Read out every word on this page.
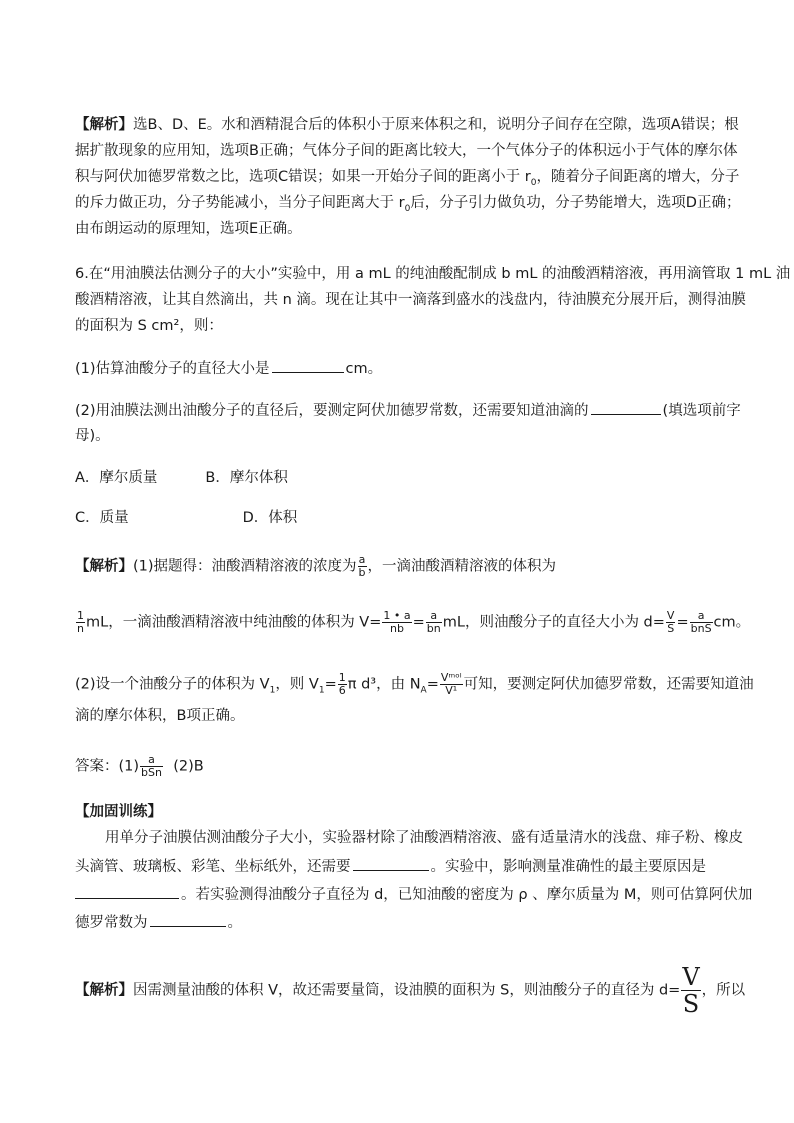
【解析】选B、D、E。水和酒精混合后的体积小于原来体积之和，说明分子间存在空隙，选项A错误；根
据扩散现象的应用知，选项B正确；气体分子间的距离比较大，一个气体分子的体积远小于气体的摩尔体
积与阿伏加德罗常数之比，选项C错误；如果一开始分子间的距离小于 $r_0$，随着分子间距离的增大，分子
的斥力做正功，分子势能减小，当分子间距离大于 $r_0$后，分子引力做负功，分子势能增大，选项D正确；
由布朗运动的原理知，选项E正确。
6.在“用油膜法估测分子的大小”实验中，用 a mL 的纯油酸配制成 b mL 的油酸酒精溶液，再用滴管取 1 mL 油
酸酒精溶液，让其自然滴出，共 n 滴。现在让其中一滴落到盛水的浅盘内，待油膜充分展开后，测得油膜
的面积为 S cm²，则：
(1)估算油酸分子的直径大小是	cm。
(2)用油膜法测出油酸分子的直径后，要测定阿伏加德罗常数，还需要知道油滴的	(填选项前字
母)。
A．摩尔质量	B．摩尔体积
C．质量	D．体积
【解析】(1)据题得：油酸酒精溶液的浓度为 $\frac{a}{b}$ ，一滴油酸酒精溶液的体积为
$\frac{1}{n}$ mL，一滴油酸酒精溶液中纯油酸的体积为 $V= \frac{1 • a}{nb} = \frac{a}{bn}$ mL，则油酸分子的直径大小为 $d= \frac{V}{S} = \frac{a}{\text{bnS}}$ cm。
(2)设一个油酸分子的体积为 $V_1$，则 $V_1= \frac{1}{6}$ π d³，由 $N_A= \frac{\text{Vᵐᵒˡ}}{\text{V¹}}$ 可知，要测定阿伏加德罗常数，还需要知道油
滴的摩尔体积，B项正确。
答案：$(1) \frac{a}{\text{bSn}} (2)B$
【加固训练】
用单分子油膜估测油酸分子大小，实验器材除了油酸酒精溶液、盛有适量清水的浅盘、痱子粉、橡皮
头滴管、玻璃板、彩笔、坐标纸外，还需要	。实验中，影响测量准确性的最主要原因是
。若实验测得油酸分子直径为 d，已知油酸的密度为 ρ 、摩尔质量为 M，则可估算阿伏加
德罗常数为	。
【解析】因需测量油酸的体积 V，故还需要量筒，设油膜的面积为 S，则油酸分子的直径为 $d= \frac{V}{S}$ ，所以
